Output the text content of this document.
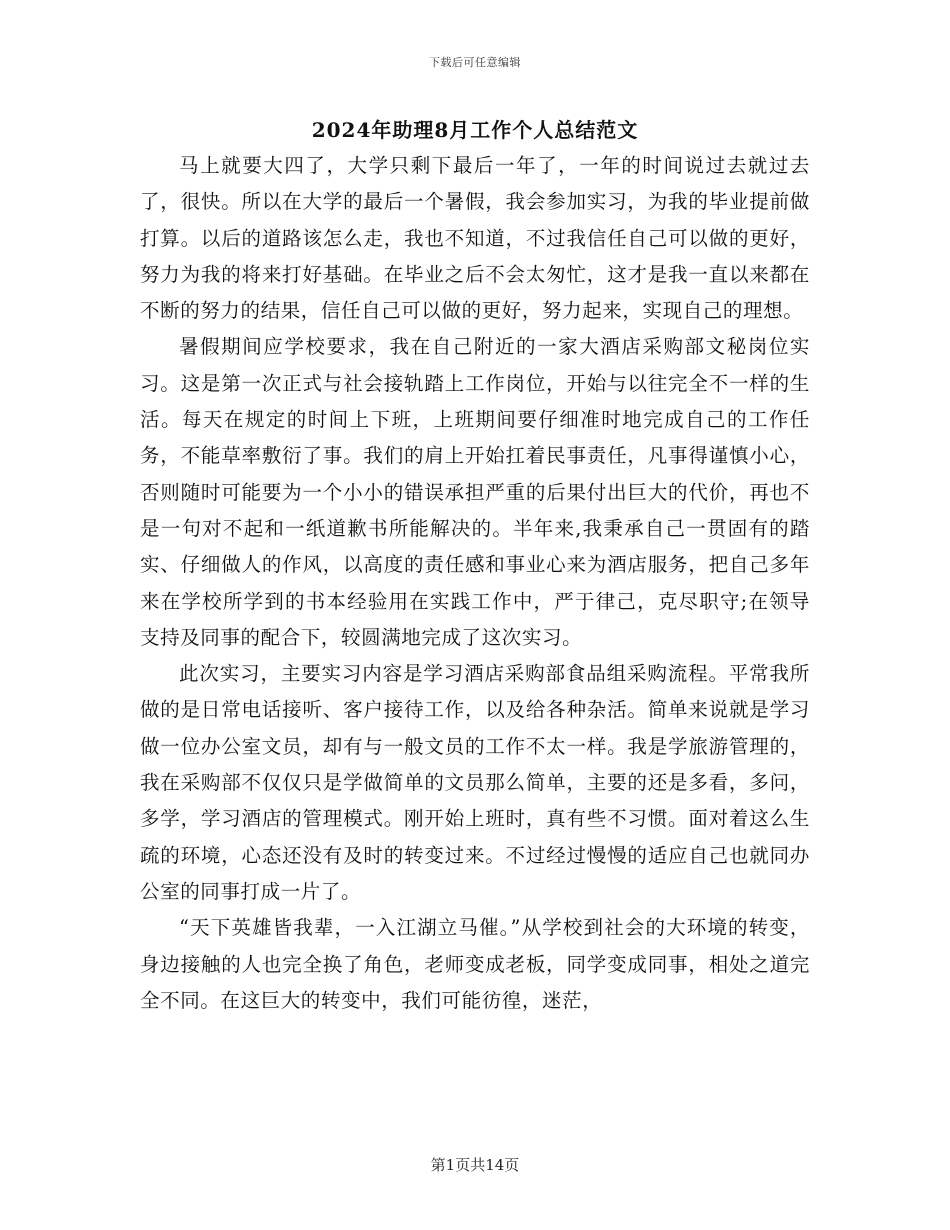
下载后可任意编辑
2024年助理8月工作个人总结范文

马上就要大四了，大学只剩下最后一年了，一年的时间说过去就过去了，很快。所以在大学的最后一个暑假，我会参加实习，为我的毕业提前做打算。以后的道路该怎么走，我也不知道，不过我信任自己可以做的更好，努力为我的将来打好基础。在毕业之后不会太匆忙，这才是我一直以来都在不断的努力的结果，信任自己可以做的更好，努力起来，实现自己的理想。

暑假期间应学校要求，我在自己附近的一家大酒店采购部文秘岗位实习。这是第一次正式与社会接轨踏上工作岗位，开始与以往完全不一样的生活。每天在规定的时间上下班，上班期间要仔细准时地完成自己的工作任务，不能草率敷衍了事。我们的肩上开始扛着民事责任，凡事得谨慎小心，否则随时可能要为一个小小的错误承担严重的后果付出巨大的代价，再也不是一句对不起和一纸道歉书所能解决的。半年来,我秉承自己一贯固有的踏实、仔细做人的作风，以高度的责任感和事业心来为酒店服务，把自己多年来在学校所学到的书本经验用在实践工作中，严于律己，克尽职守;在领导支持及同事的配合下，较圆满地完成了这次实习。

此次实习，主要实习内容是学习酒店采购部食品组采购流程。平常我所做的是日常电话接听、客户接待工作，以及给各种杂活。简单来说就是学习做一位办公室文员，却有与一般文员的工作不太一样。我是学旅游管理的，我在采购部不仅仅只是学做简单的文员那么简单，主要的还是多看，多问，多学，学习酒店的管理模式。刚开始上班时，真有些不习惯。面对着这么生疏的环境，心态还没有及时的转变过来。不过经过慢慢的适应自己也就同办公室的同事打成一片了。

“天下英雄皆我辈，一入江湖立马催。”从学校到社会的大环境的转变，身边接触的人也完全换了角色，老师变成老板，同学变成同事，相处之道完全不同。在这巨大的转变中，我们可能彷徨，迷茫，

第1页共14页
